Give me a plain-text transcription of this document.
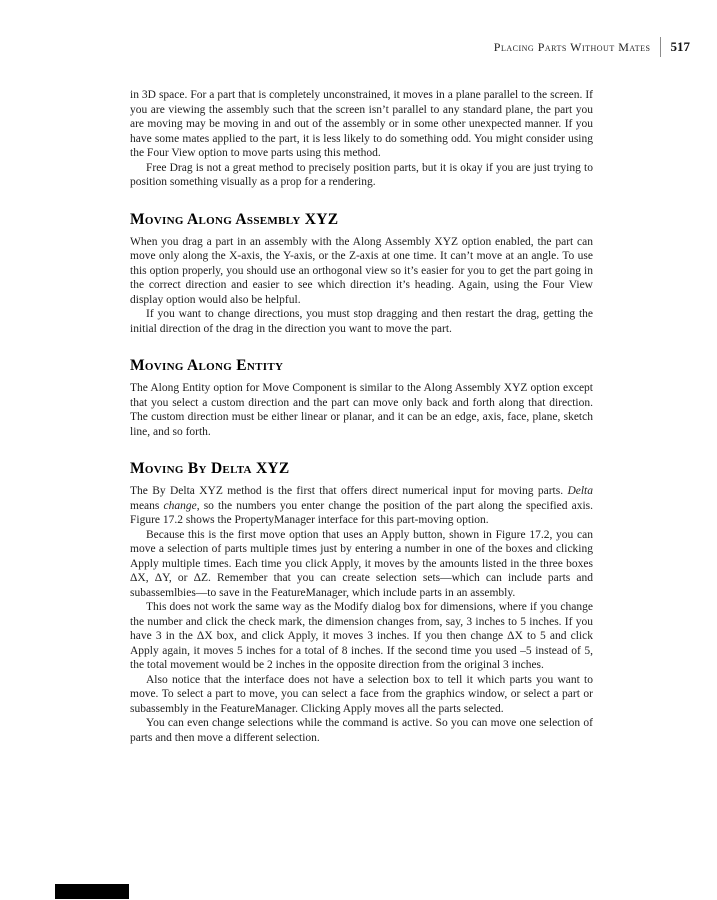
Placing Parts Without Mates 517

in 3D space. For a part that is completely unconstrained, it moves in a plane parallel to the screen. If you are viewing the assembly such that the screen isn’t parallel to any standard plane, the part you are moving may be moving in and out of the assembly or in some other unexpected manner. If you have some mates applied to the part, it is less likely to do something odd. You might consider using the Four View option to move parts using this method.

Free Drag is not a great method to precisely position parts, but it is okay if you are just trying to position something visually as a prop for a rendering.

Moving Along Assembly XYZ

When you drag a part in an assembly with the Along Assembly XYZ option enabled, the part can move only along the X-axis, the Y-axis, or the Z-axis at one time. It can’t move at an angle. To use this option properly, you should use an orthogonal view so it’s easier for you to get the part going in the correct direction and easier to see which direction it’s heading. Again, using the Four View display option would also be helpful.

If you want to change directions, you must stop dragging and then restart the drag, getting the initial direction of the drag in the direction you want to move the part.

Moving Along Entity

The Along Entity option for Move Component is similar to the Along Assembly XYZ option except that you select a custom direction and the part can move only back and forth along that direction. The custom direction must be either linear or planar, and it can be an edge, axis, face, plane, sketch line, and so forth.

Moving By Delta XYZ

The By Delta XYZ method is the first that offers direct numerical input for moving parts. Delta means change, so the numbers you enter change the position of the part along the specified axis. Figure 17.2 shows the PropertyManager interface for this part-moving option.

Because this is the first move option that uses an Apply button, shown in Figure 17.2, you can move a selection of parts multiple times just by entering a number in one of the boxes and clicking Apply multiple times. Each time you click Apply, it moves by the amounts listed in the three boxes ΔX, ΔY, or ΔZ. Remember that you can create selection sets—which can include parts and subassemlbies—to save in the FeatureManager, which include parts in an assembly.

This does not work the same way as the Modify dialog box for dimensions, where if you change the number and click the check mark, the dimension changes from, say, 3 inches to 5 inches. If you have 3 in the ΔX box, and click Apply, it moves 3 inches. If you then change ΔX to 5 and click Apply again, it moves 5 inches for a total of 8 inches. If the second time you used –5 instead of 5, the total movement would be 2 inches in the opposite direction from the original 3 inches.

Also notice that the interface does not have a selection box to tell it which parts you want to move. To select a part to move, you can select a face from the graphics window, or select a part or subassembly in the FeatureManager. Clicking Apply moves all the parts selected.

You can even change selections while the command is active. So you can move one selection of parts and then move a different selection.
